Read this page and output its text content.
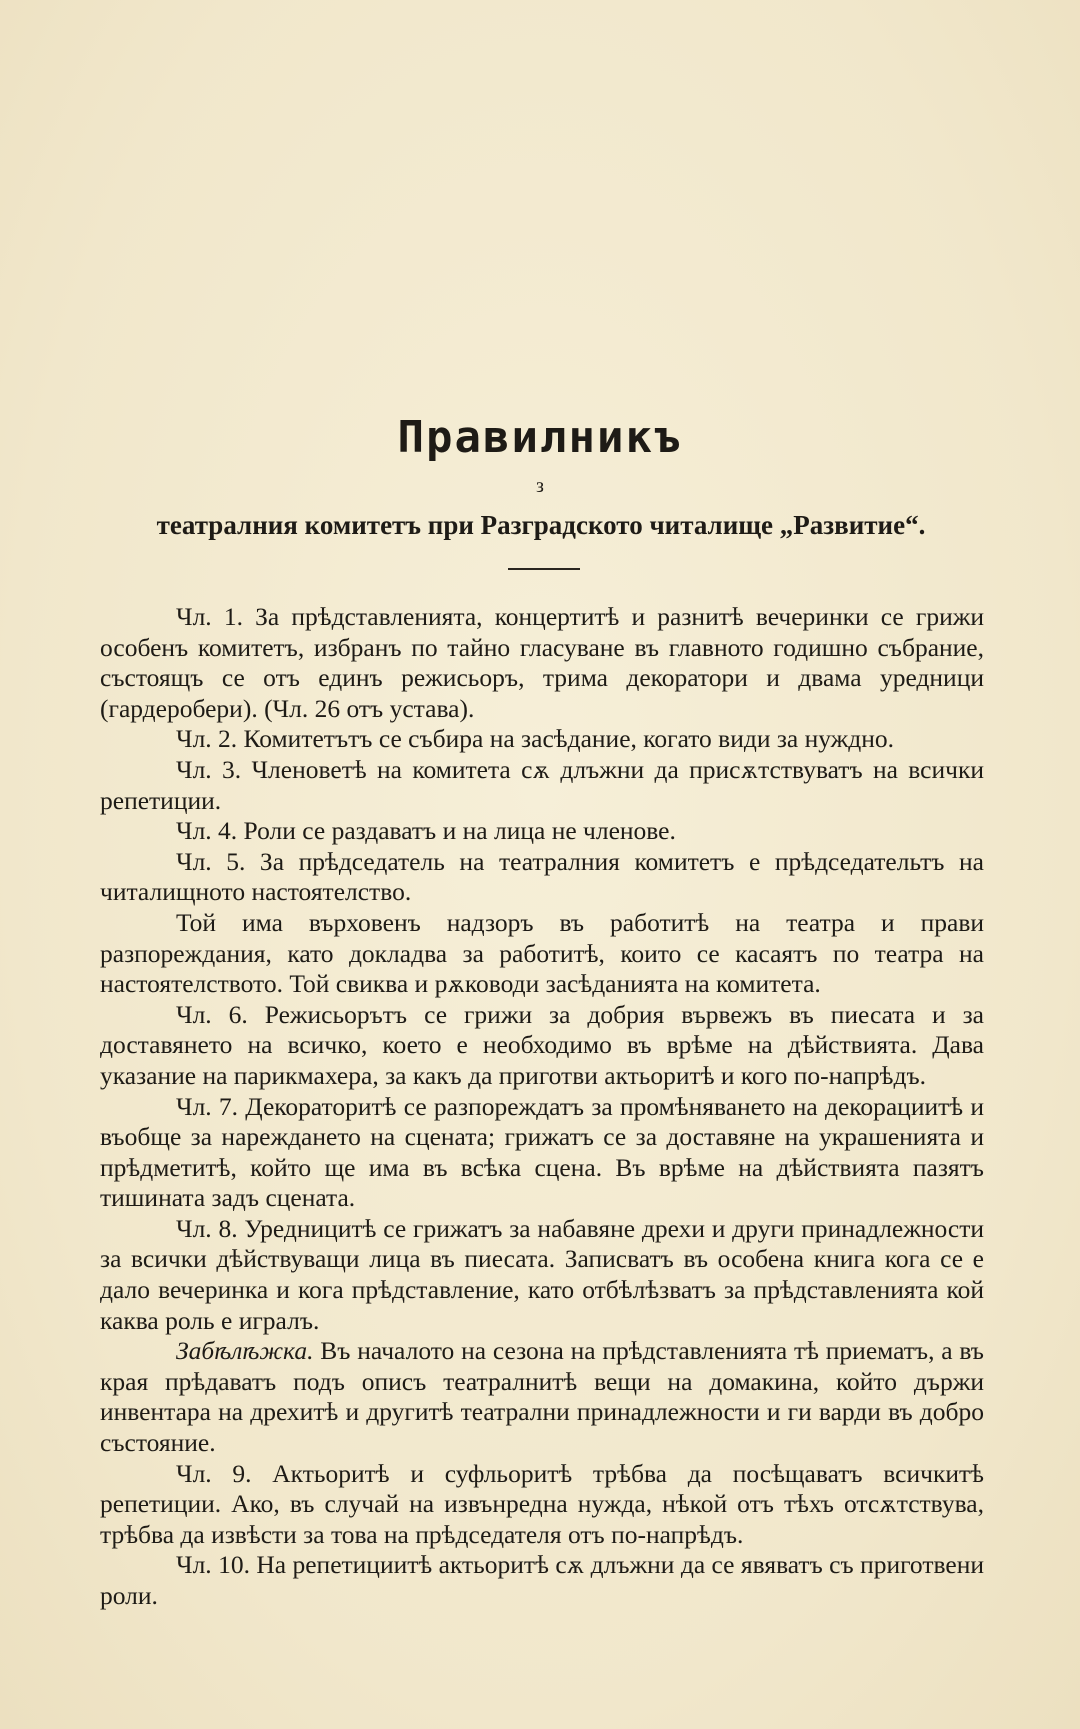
Правилникъ
з
театралния комитетъ при Разградското читалище „Развитие“.

Чл. 1. За прѣдставленията, концертитѣ и разнитѣ вечеринки се грижи особенъ комитетъ, избранъ по тайно гласуване въ главното годишно събрание, състоящъ се отъ единъ режисьоръ, трима декоратори и двама уредници (гардеробери). (Чл. 26 отъ устава).

Чл. 2. Комитетътъ се събира на засѣдание, когато види за нуждно.

Чл. 3. Членоветѣ на комитета сѫ длъжни да присѫтствуватъ на всички репетиции.

Чл. 4. Роли се раздаватъ и на лица не членове.

Чл. 5. За прѣдседатель на театралния комитетъ е прѣдседательтъ на читалищното настоятелство.

Той има върховенъ надзоръ въ работитѣ на театра и прави разпореждания, като докладва за работитѣ, които се касаятъ по театра на настоятелството. Той свиква и рѫководи засѣданията на комитета.

Чл. 6. Режисьорътъ се грижи за добрия вървежъ въ пиесата и за доставянето на всичко, което е необходимо въ врѣме на дѣйствията. Дава указание на парикмахера, за какъ да приготви актьоритѣ и кого по-напрѣдъ.

Чл. 7. Декораторитѣ се разпореждатъ за промѣняването на декорациитѣ и въобще за нареждането на сцената; грижатъ се за доставяне на украшенията и прѣдметитѣ, който ще има въ всѣка сцена. Въ врѣме на дѣйствията пазятъ тишината задъ сцената.

Чл. 8. Уредницитѣ се грижатъ за набавяне дрехи и други принадлежности за всички дѣйствуващи лица въ пиесата. Записватъ въ особена книга кога се е дало вечеринка и кога прѣдставление, като отбѣлѣзватъ за прѣдставленията кой каква роль е игралъ.

Забѣлѣжка. Въ началото на сезона на прѣдставленията тѣ приематъ, а въ края прѣдаватъ подъ описъ театралнитѣ вещи на домакина, който държи инвентара на дрехитѣ и другитѣ театрални принадлежности и ги варди въ добро състояние.

Чл. 9. Актьоритѣ и суфльоритѣ трѣбва да посѣщаватъ всичкитѣ репетиции. Ако, въ случай на извънредна нужда, нѣкой отъ тѣхъ отсѫтствува, трѣбва да извѣсти за това на прѣдседателя отъ по-напрѣдъ.

Чл. 10. На репетициитѣ актьоритѣ сѫ длъжни да се явяватъ съ приготвени роли.
